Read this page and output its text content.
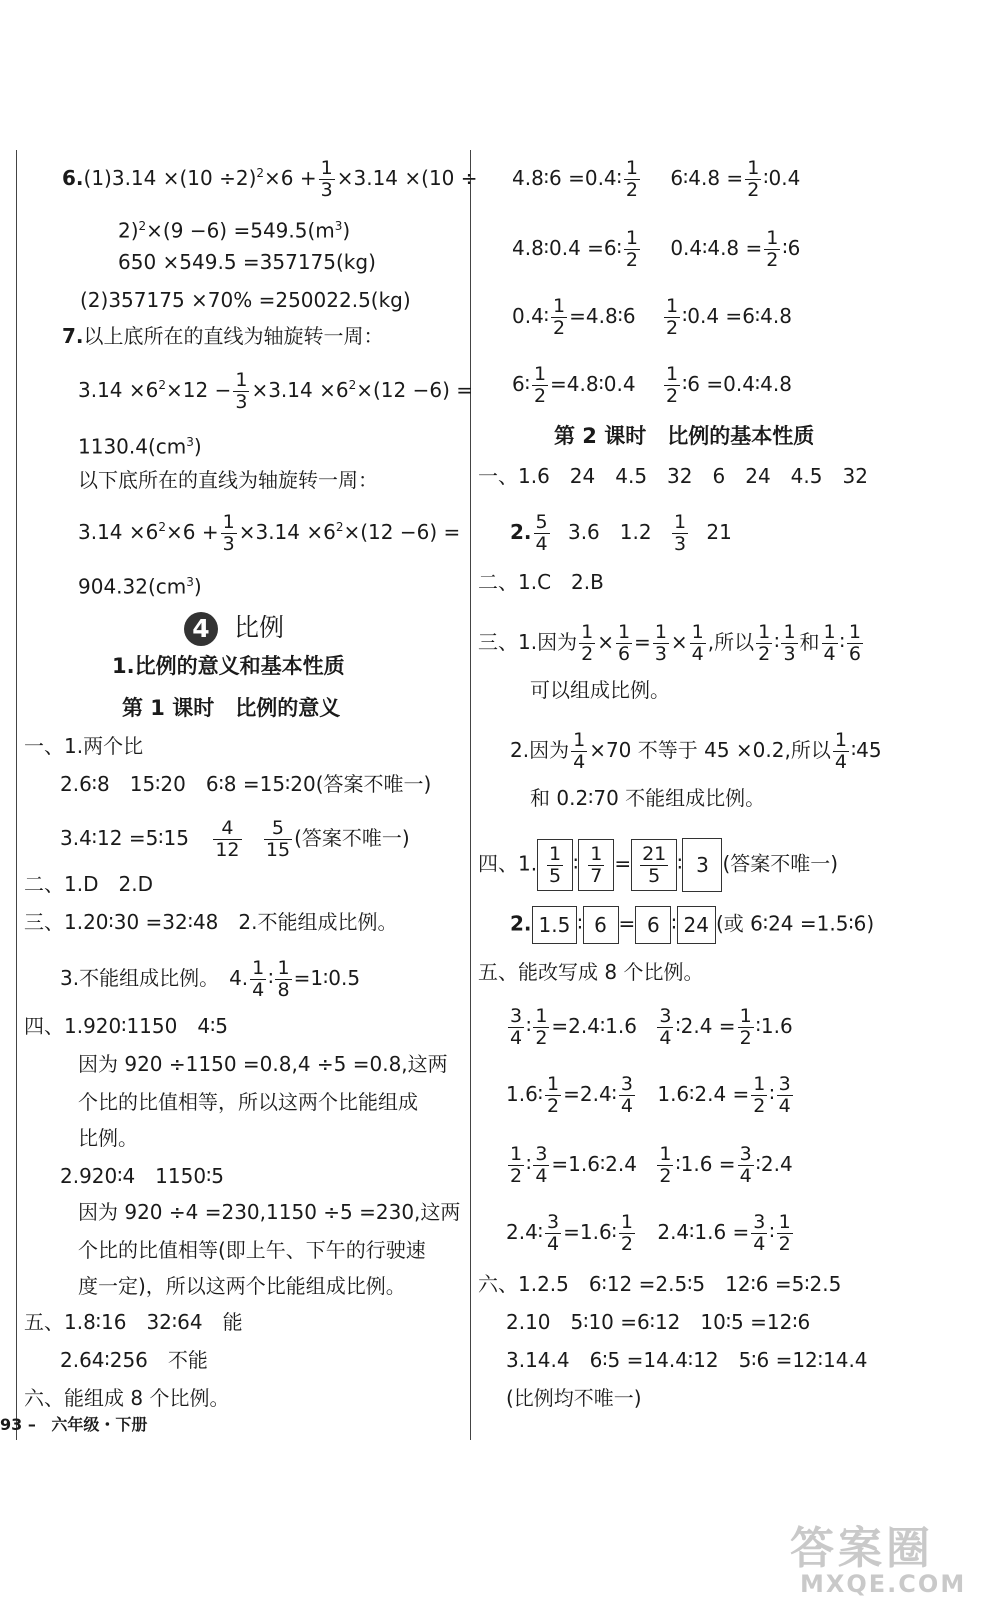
$6.(1)3.14 \times(10 \div 2)^2\times 6 + \frac{1}{3} \times 3.14 \times(10$ ÷
$2)^2\times(9 -6) =549.5(m^3)$
650 ×549.5 =357175(kg)
(2)357175 ×70% =250022.5(kg)
7.以上底所在的直线为轴旋转一周：
$3.14 \times 6^2\times 12 - \frac{1}{3} \times 3.14 \times 6^2\times(12 -6)$ =
$1130.4(cm^3)$
以下底所在的直线为轴旋转一周：
$3.14 \times 6^2\times 6 + \frac{1}{3} \times 3.14 \times 6^2\times(12 -6)$ =
$904.32(cm^3)$
4 比例
1.比例的意义和基本性质
第 1 课时　比例的意义
一、1.两个比
2.6∶8　15∶20　6∶8 =15∶20(答案不唯一)
3.4∶12 =5∶15 $\frac{4}{12}$
$\frac{5}{15}$ (答案不唯一)
二、1.D　2.D
三、1.20∶30 =32∶48　2.不能组成比例。
3.不能组成比例。　4. $\frac{1}{4}$ ∶ $\frac{1}{8}$ =1∶0.5
四、1.920∶1150　4∶5
因为 920 ÷1150 =0.8,4 ÷5 =0.8,这两
个比的比值相等，所以这两个比能组成
比例。
2.920∶4　1150∶5
因为 920 ÷4 =230,1150 ÷5 =230,这两
个比的比值相等(即上午、下午的行驶速
度一定)，所以这两个比能组成比例。
五、1.8∶16　32∶64　能
2.64∶256　不能
六、能组成 8 个比例。
93 – 六年级・下册
4.8∶6 =0.4∶ $\frac{1}{2}$ 6∶4.8 = $\frac{1}{2}$ ∶0.4
4.8∶0.4 =6∶ $\frac{1}{2}$ 0.4∶4.8 = $\frac{1}{2}$ ∶6
0.4∶ $\frac{1}{2}$ =4.8∶6 $\frac{1}{2}$ ∶0.4 =6∶4.8
6∶ $\frac{1}{2}$ =4.8∶0.4 $\frac{1}{2}$ ∶6 =0.4∶4.8
第 2 课时　比例的基本性质
一、1.6　24　4.5　32　6　24　4.5　32
2. $\frac{5}{4} 3.6$　$1.2 \frac{1}{3} 21$
二、1.C　2.B
三、1.因为 $\frac{1}{2} \times \frac{1}{6} = \frac{1}{3} \times \frac{1}{4}$ ,所以 $\frac{1}{2}$ ∶ $\frac{1}{3}$ 和 $\frac{1}{4}$ ∶ $\frac{1}{6}$
可以组成比例。
2.因为 $\frac{1}{4} \times 70$ 不等于 45 ×0.2,所以 $\frac{1}{4}$ ∶45
和 0.2∶70 不能组成比例。
四、1. $\frac{1}{5}$ ∶ $\frac{1}{7} = \frac{21}{5}$ ∶ 3 (答案不唯一)
2. 1.5 ∶ 6 = 6 ∶ 24 (或 6∶24 =1.5∶6)
五、能改写成 8 个比例。
$\frac{3}{4}$ ∶ $\frac{1}{2}$ =2.4∶1.6 $\frac{3}{4}$ ∶2.4 = $\frac{1}{2}$ ∶1.6
1.6∶ $\frac{1}{2}$ =2.4∶ $\frac{3}{4}$ 1.6∶2.4 = $\frac{1}{2}$ ∶ $\frac{3}{4}$
$\frac{1}{2}$ ∶ $\frac{3}{4}$ =1.6∶2.4 $\frac{1}{2}$ ∶1.6 = $\frac{3}{4}$ ∶2.4
2.4∶ $\frac{3}{4}$ =1.6∶ $\frac{1}{2}$ 2.4∶1.6 = $\frac{3}{4}$ ∶ $\frac{1}{2}$
六、1.2.5　6∶12 =2.5∶5　12∶6 =5∶2.5
2.10　5∶10 =6∶12　10∶5 =12∶6
3.14.4　6∶5 =14.4∶12　5∶6 =12∶14.4
(比例均不唯一)
答案圈
MXQE.COM
